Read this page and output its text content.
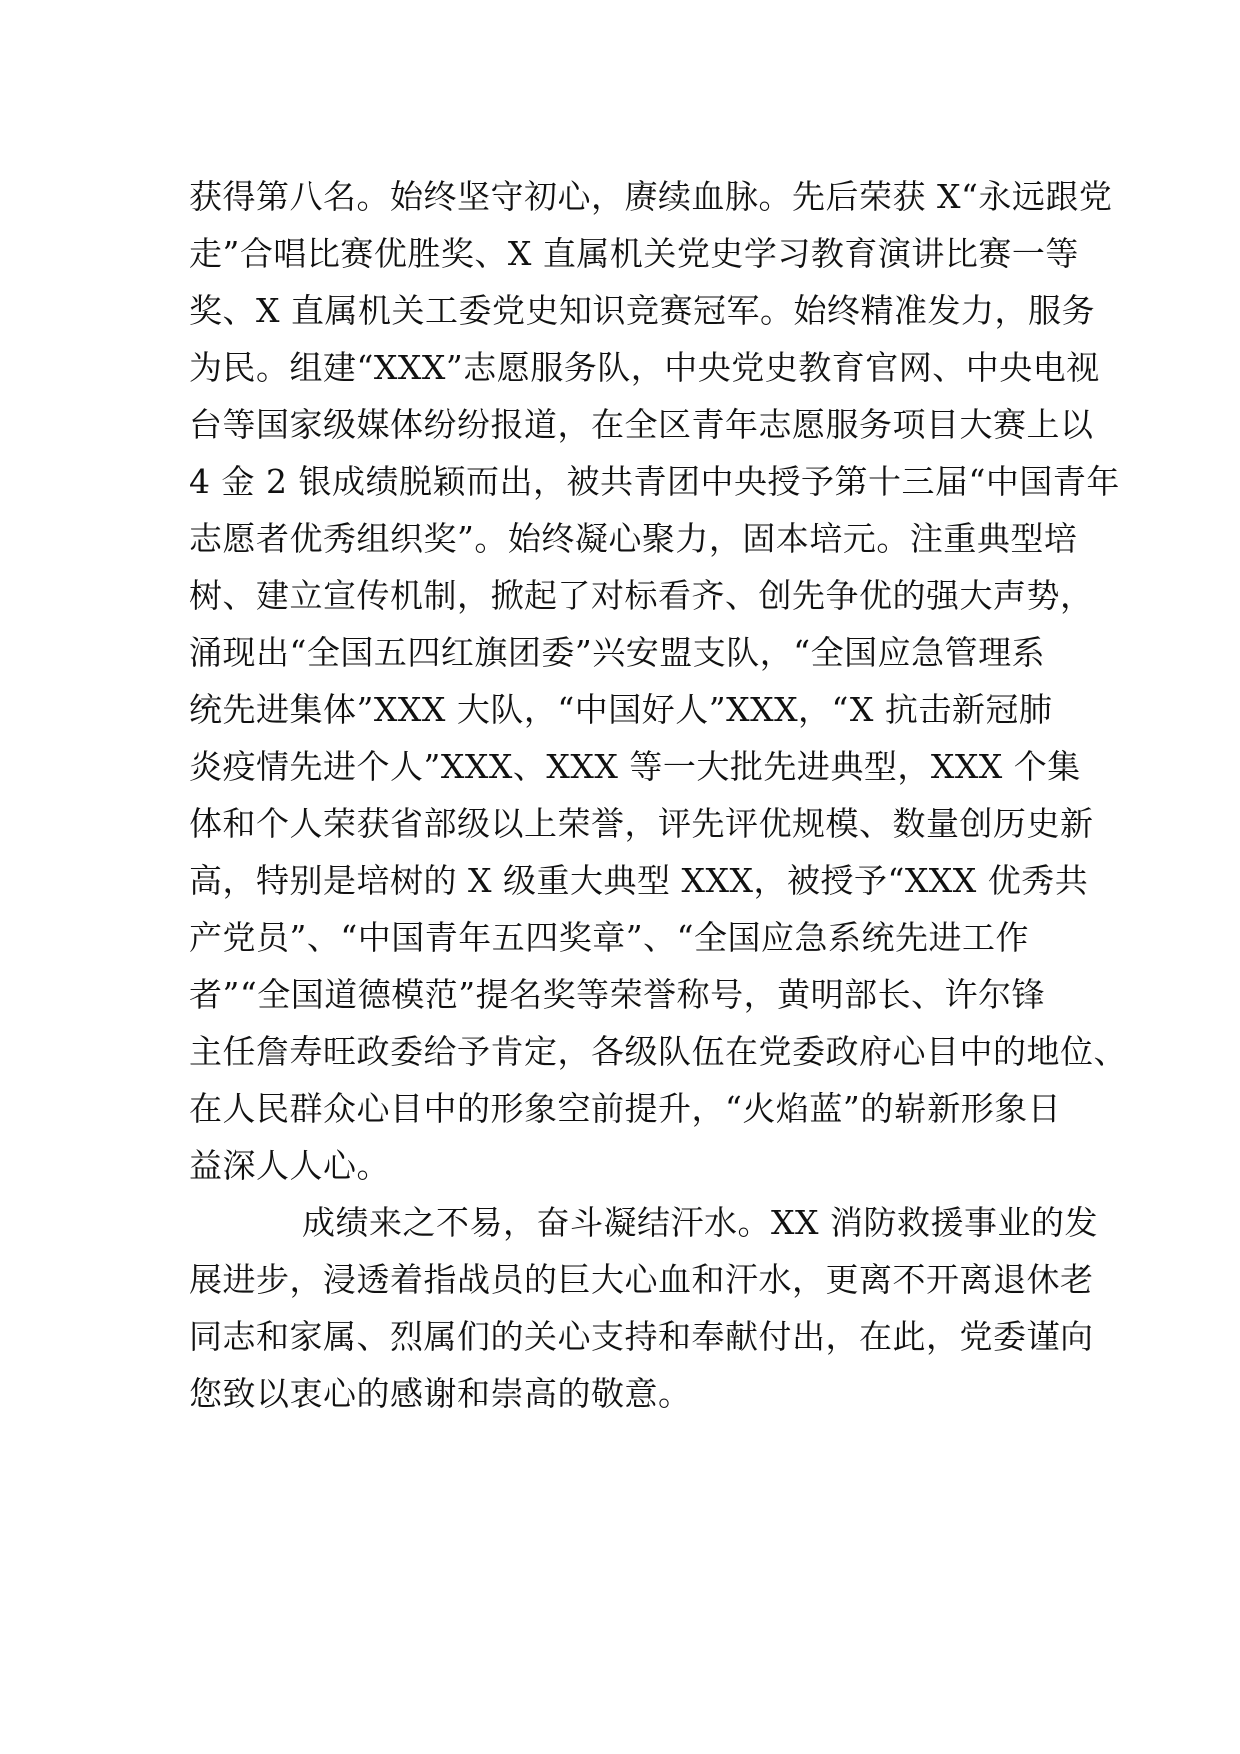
获得第八名。始终坚守初心，赓续血脉。先后荣获 X“永远跟党
走”合唱比赛优胜奖、X 直属机关党史学习教育演讲比赛一等
奖、X 直属机关工委党史知识竞赛冠军。始终精准发力，服务
为民。组建“XXX”志愿服务队，中央党史教育官网、中央电视
台等国家级媒体纷纷报道，在全区青年志愿服务项目大赛上以
4 金 2 银成绩脱颖而出，被共青团中央授予第十三届“中国青年
志愿者优秀组织奖”。始终凝心聚力，固本培元。注重典型培
树、建立宣传机制，掀起了对标看齐、创先争优的强大声势，
涌现出“全国五四红旗团委”兴安盟支队，“全国应急管理系
统先进集体”XXX 大队，“中国好人”XXX，“X 抗击新冠肺
炎疫情先进个人”XXX、XXX 等一大批先进典型，XXX 个集
体和个人荣获省部级以上荣誉，评先评优规模、数量创历史新
高，特别是培树的 X 级重大典型 XXX，被授予“XXX 优秀共
产党员”、“中国青年五四奖章”、“全国应急系统先进工作
者”“全国道德模范”提名奖等荣誉称号，黄明部长、许尔锋
主任詹寿旺政委给予肯定，各级队伍在党委政府心目中的地位、
在人民群众心目中的形象空前提升，“火焰蓝”的崭新形象日
益深人人心。
成绩来之不易，奋斗凝结汗水。XX 消防救援事业的发
展进步，浸透着指战员的巨大心血和汗水，更离不开离退休老
同志和家属、烈属们的关心支持和奉献付出，在此，党委谨向
您致以衷心的感谢和崇高的敬意。
